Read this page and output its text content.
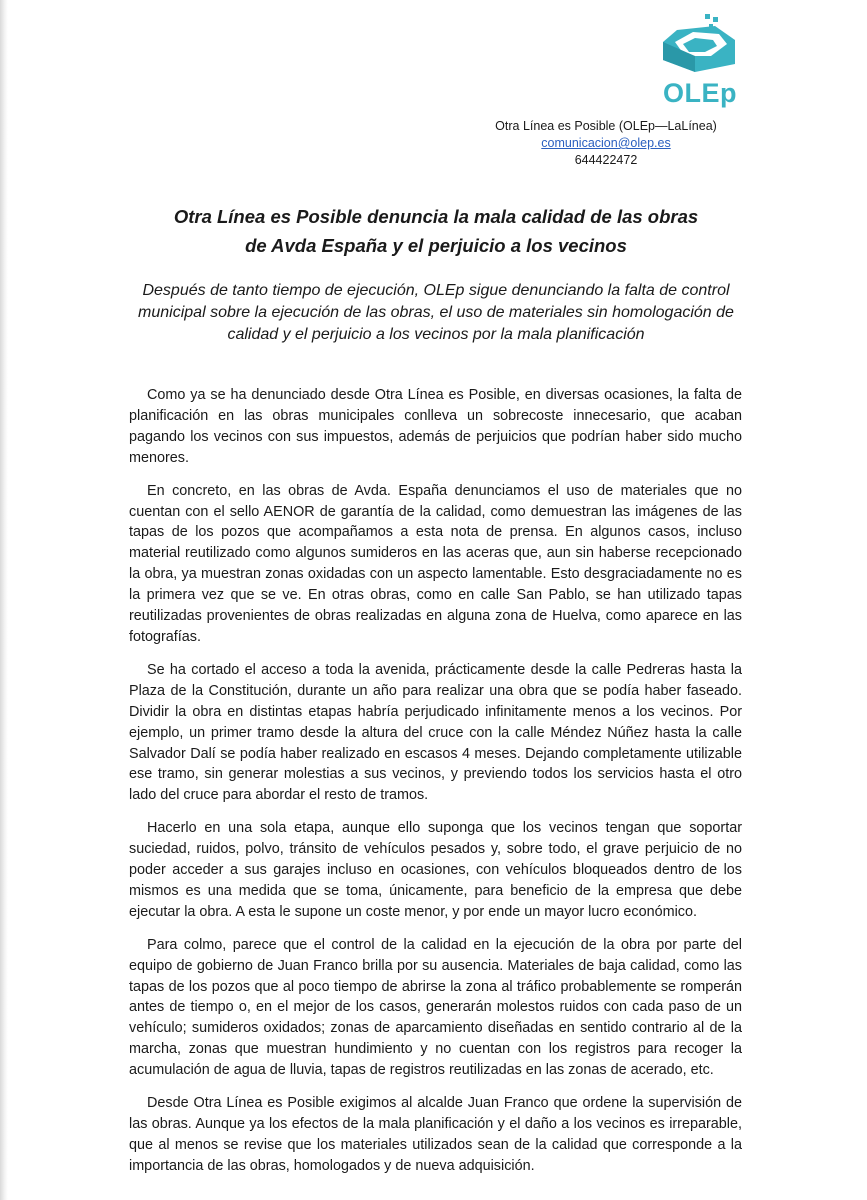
OLEp
Otra Línea es Posible (OLEp—LaLínea)
comunicacion@olep.es
644422472
Otra Línea es Posible denuncia la mala calidad de las obras
de Avda España y el perjuicio a los vecinos
Después de tanto tiempo de ejecución, OLEp sigue denunciando la falta de control municipal sobre la ejecución de las obras, el uso de materiales sin homologación de calidad y el perjuicio a los vecinos por la mala planificación

Como ya se ha denunciado desde Otra Línea es Posible, en diversas ocasiones, la falta de planificación en las obras municipales conlleva un sobrecoste innecesario, que acaban pagando los vecinos con sus impuestos, además de perjuicios que podrían haber sido mucho menores.

En concreto, en las obras de Avda. España denunciamos el uso de materiales que no cuentan con el sello AENOR de garantía de la calidad, como demuestran las imágenes de las tapas de los pozos que acompañamos a esta nota de prensa. En algunos casos, incluso material reutilizado como algunos sumideros en las aceras que, aun sin haberse recepcionado la obra, ya muestran zonas oxidadas con un aspecto lamentable. Esto desgraciadamente no es la primera vez que se ve. En otras obras, como en calle San Pablo, se han utilizado tapas reutilizadas provenientes de obras realizadas en alguna zona de Huelva, como aparece en las fotografías.

Se ha cortado el acceso a toda la avenida, prácticamente desde la calle Pedreras hasta la Plaza de la Constitución, durante un año para realizar una obra que se podía haber faseado. Dividir la obra en distintas etapas habría perjudicado infinitamente menos a los vecinos. Por ejemplo, un primer tramo desde la altura del cruce con la calle Méndez Núñez hasta la calle Salvador Dalí se podía haber realizado en escasos 4 meses. Dejando completamente utilizable ese tramo, sin generar molestias a sus vecinos, y previendo todos los servicios hasta el otro lado del cruce para abordar el resto de tramos.

Hacerlo en una sola etapa, aunque ello suponga que los vecinos tengan que soportar suciedad, ruidos, polvo, tránsito de vehículos pesados y, sobre todo, el grave perjuicio de no poder acceder a sus garajes incluso en ocasiones, con vehículos bloqueados dentro de los mismos es una medida que se toma, únicamente, para beneficio de la empresa que debe ejecutar la obra. A esta le supone un coste menor, y por ende un mayor lucro económico.

Para colmo, parece que el control de la calidad en la ejecución de la obra por parte del equipo de gobierno de Juan Franco brilla por su ausencia. Materiales de baja calidad, como las tapas de los pozos que al poco tiempo de abrirse la zona al tráfico probablemente se romperán antes de tiempo o, en el mejor de los casos, generarán molestos ruidos con cada paso de un vehículo; sumideros oxidados; zonas de aparcamiento diseñadas en sentido contrario al de la marcha, zonas que muestran hundimiento y no cuentan con los registros para recoger la acumulación de agua de lluvia, tapas de registros reutilizadas en las zonas de acerado, etc.

Desde Otra Línea es Posible exigimos al alcalde Juan Franco que ordene la supervisión de las obras. Aunque ya los efectos de la mala planificación y el daño a los vecinos es irreparable, que al menos se revise que los materiales utilizados sean de la calidad que corresponde a la importancia de las obras, homologados y de nueva adquisición.
